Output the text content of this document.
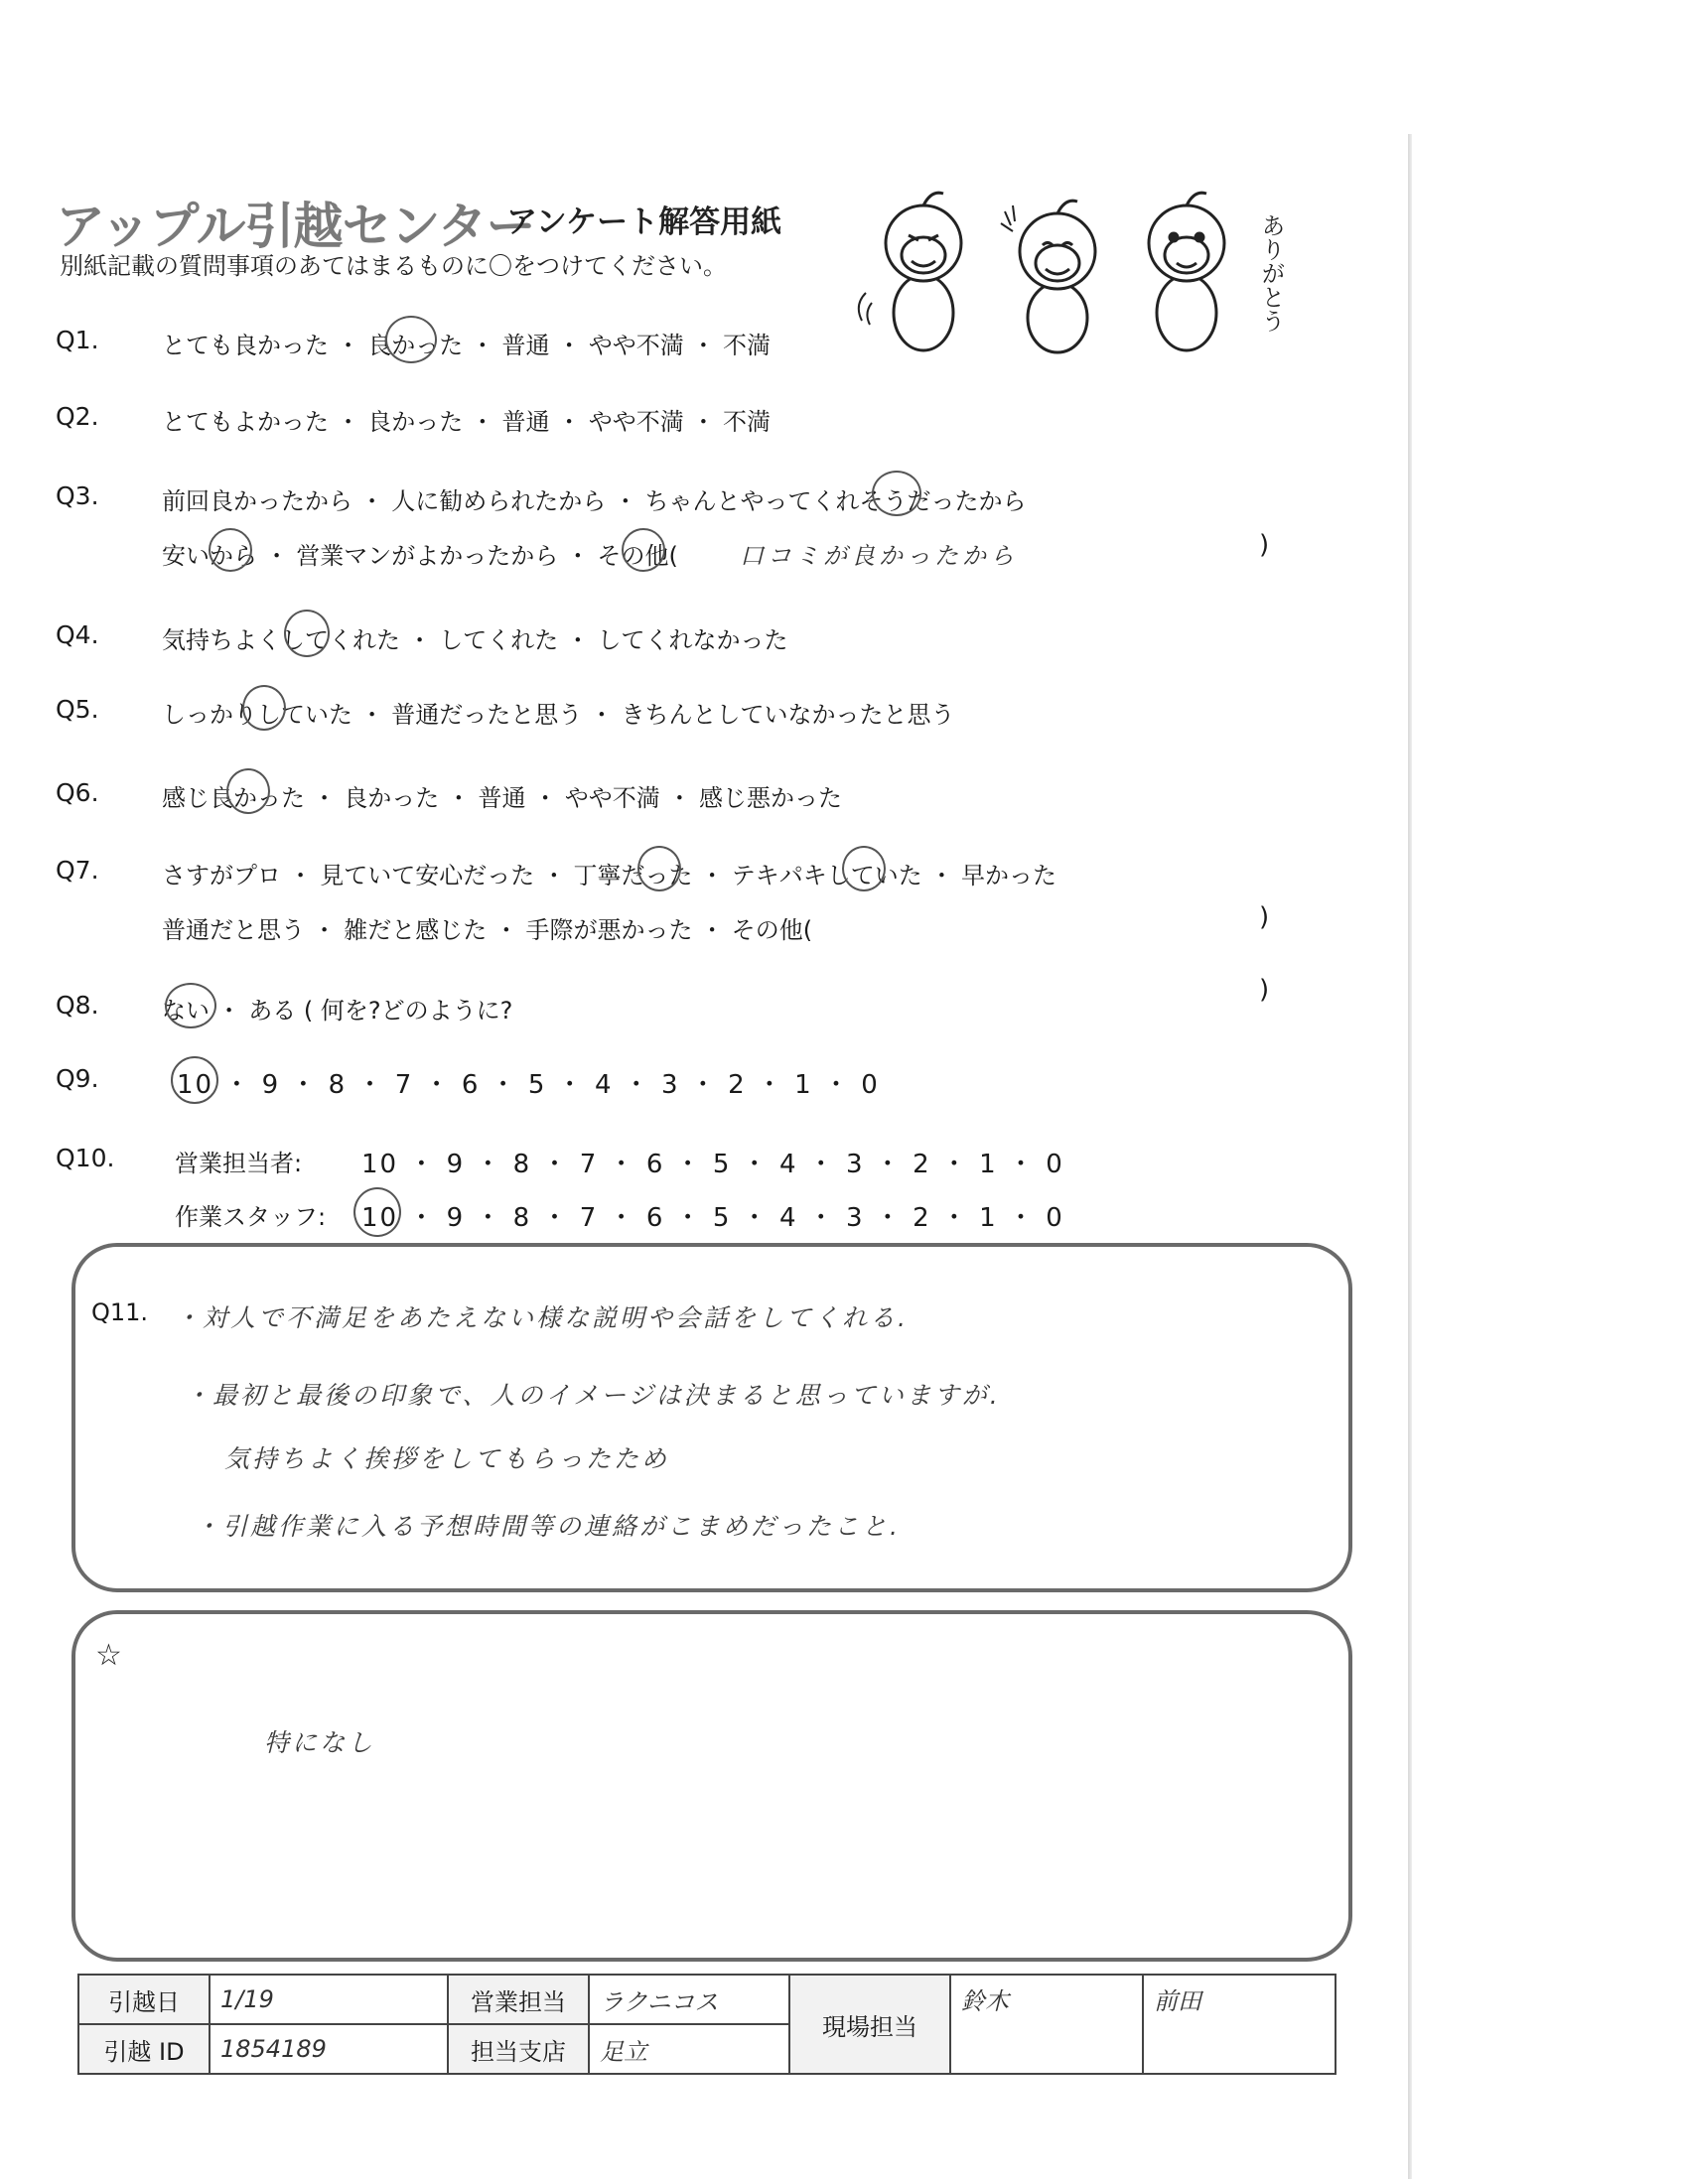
アップル引越センター
アンケート解答用紙
別紙記載の質問事項のあてはまるものに〇をつけてください。	ありがとう
Q1.	とても良かった ・ 良かった ・ 普通 ・ やや不満 ・ 不満
Q2.	とてもよかった ・ 良かった ・ 普通 ・ やや不満 ・ 不満
Q3.	前回良かったから ・ 人に勧められたから ・ ちゃんとやってくれそうだったから
安いから ・ 営業マンがよかったから ・ その他(	口コミが良かったから	)
Q4.	気持ちよくしてくれた ・ してくれた ・ してくれなかった
Q5.	しっかりしていた ・ 普通だったと思う ・ きちんとしていなかったと思う
Q6.	感じ良かった ・ 良かった ・ 普通 ・ やや不満 ・ 感じ悪かった
Q7.	さすがプロ ・ 見ていて安心だった ・ 丁寧だった ・ テキパキしていた ・ 早かった
普通だと思う ・ 雑だと感じた ・ 手際が悪かった ・ その他(	)
Q8.	ない ・ ある ( 何を?どのように?
)
Q9.	10 ・ 9 ・ 8 ・ 7 ・ 6 ・ 5 ・ 4 ・ 3 ・ 2 ・ 1 ・ 0
Q10.	営業担当者: 10 ・ 9 ・ 8 ・ 7 ・ 6 ・ 5 ・ 4 ・ 3 ・ 2 ・ 1 ・ 0
作業スタッフ: 10 ・ 9 ・ 8 ・ 7 ・ 6 ・ 5 ・ 4 ・ 3 ・ 2 ・ 1 ・ 0
Q11. ・対人で不満足をあたえない様な説明や会話をしてくれる.
・最初と最後の印象で、人のイメージは決まると思っていますが.
気持ちよく挨拶をしてもらったため
・引越作業に入る予想時間等の連絡がこまめだったこと.
☆
特になし
引越日	1/19	営業担当	ラクニコス	現場担当	鈴木	前田
引越 ID	1854189	担当支店	足立			
